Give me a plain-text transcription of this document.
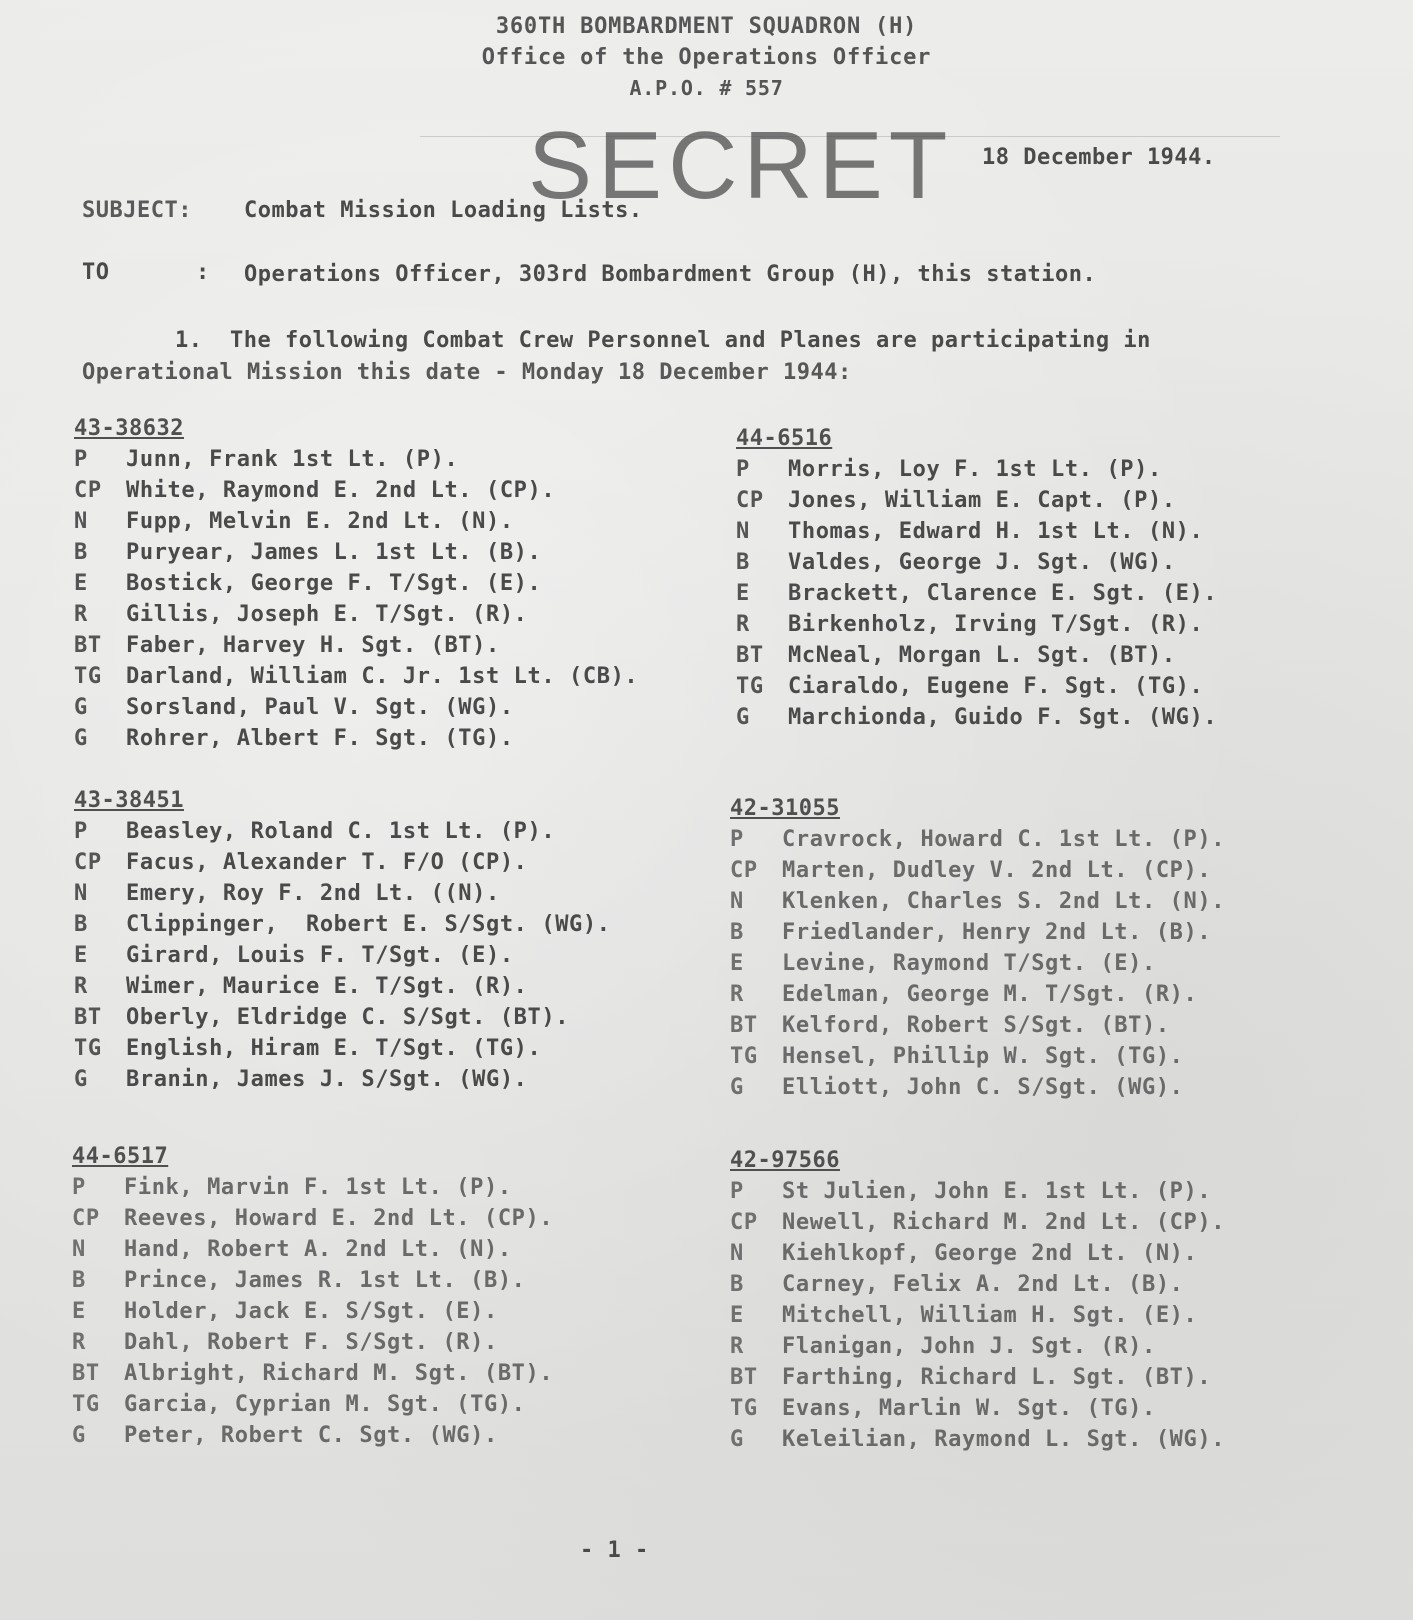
360TH BOMBARDMENT SQUADRON (H)
Office of the Operations Officer
A.P.O. # 557
SECRET 18 December 1944.
SUBJECT: Combat Mission Loading Lists.
TO	: Operations Officer, 303rd Bombardment Group (H), this station.
1.  The following Combat Crew Personnel and Planes are participating in
Operational Mission this date - Monday 18 December 1944:
43-38632
P	Junn, Frank 1st Lt. (P).
CP	White, Raymond E. 2nd Lt. (CP).
N	Fupp, Melvin E. 2nd Lt. (N).
B	Puryear, James L. 1st Lt. (B).
E	Bostick, George F. T/Sgt. (E).
R	Gillis, Joseph E. T/Sgt. (R).
BT	Faber, Harvey H. Sgt. (BT).
TG	Darland, William C. Jr. 1st Lt. (CB).
G	Sorsland, Paul V. Sgt. (WG).
G	Rohrer, Albert F. Sgt. (TG).
44-6516
P	Morris, Loy F. 1st Lt. (P).
CP	Jones, William E. Capt. (P).
N	Thomas, Edward H. 1st Lt. (N).
B	Valdes, George J. Sgt. (WG).
E	Brackett, Clarence E. Sgt. (E).
R	Birkenholz, Irving T/Sgt. (R).
BT	McNeal, Morgan L. Sgt. (BT).
TG	Ciaraldo, Eugene F. Sgt. (TG).
G	Marchionda, Guido F. Sgt. (WG).
43-38451
P	Beasley, Roland C. 1st Lt. (P).
CP	Facus, Alexander T. F/O (CP).
N	Emery, Roy F. 2nd Lt. ((N).
B	Clippinger,  Robert E. S/Sgt. (WG).
E	Girard, Louis F. T/Sgt. (E).
R	Wimer, Maurice E. T/Sgt. (R).
BT	Oberly, Eldridge C. S/Sgt. (BT).
TG	English, Hiram E. T/Sgt. (TG).
G	Branin, James J. S/Sgt. (WG).
42-31055
P	Cravrock, Howard C. 1st Lt. (P).
CP	Marten, Dudley V. 2nd Lt. (CP).
N	Klenken, Charles S. 2nd Lt. (N).
B	Friedlander, Henry 2nd Lt. (B).
E	Levine, Raymond T/Sgt. (E).
R	Edelman, George M. T/Sgt. (R).
BT	Kelford, Robert S/Sgt. (BT).
TG	Hensel, Phillip W. Sgt. (TG).
G	Elliott, John C. S/Sgt. (WG).
44-6517
P	Fink, Marvin F. 1st Lt. (P).
CP	Reeves, Howard E. 2nd Lt. (CP).
N	Hand, Robert A. 2nd Lt. (N).
B	Prince, James R. 1st Lt. (B).
E	Holder, Jack E. S/Sgt. (E).
R	Dahl, Robert F. S/Sgt. (R).
BT	Albright, Richard M. Sgt. (BT).
TG	Garcia, Cyprian M. Sgt. (TG).
G	Peter, Robert C. Sgt. (WG).
42-97566
P	St Julien, John E. 1st Lt. (P).
CP	Newell, Richard M. 2nd Lt. (CP).
N	Kiehlkopf, George 2nd Lt. (N).
B	Carney, Felix A. 2nd Lt. (B).
E	Mitchell, William H. Sgt. (E).
R	Flanigan, John J. Sgt. (R).
BT	Farthing, Richard L. Sgt. (BT).
TG	Evans, Marlin W. Sgt. (TG).
G	Keleilian, Raymond L. Sgt. (WG).
- 1 -
